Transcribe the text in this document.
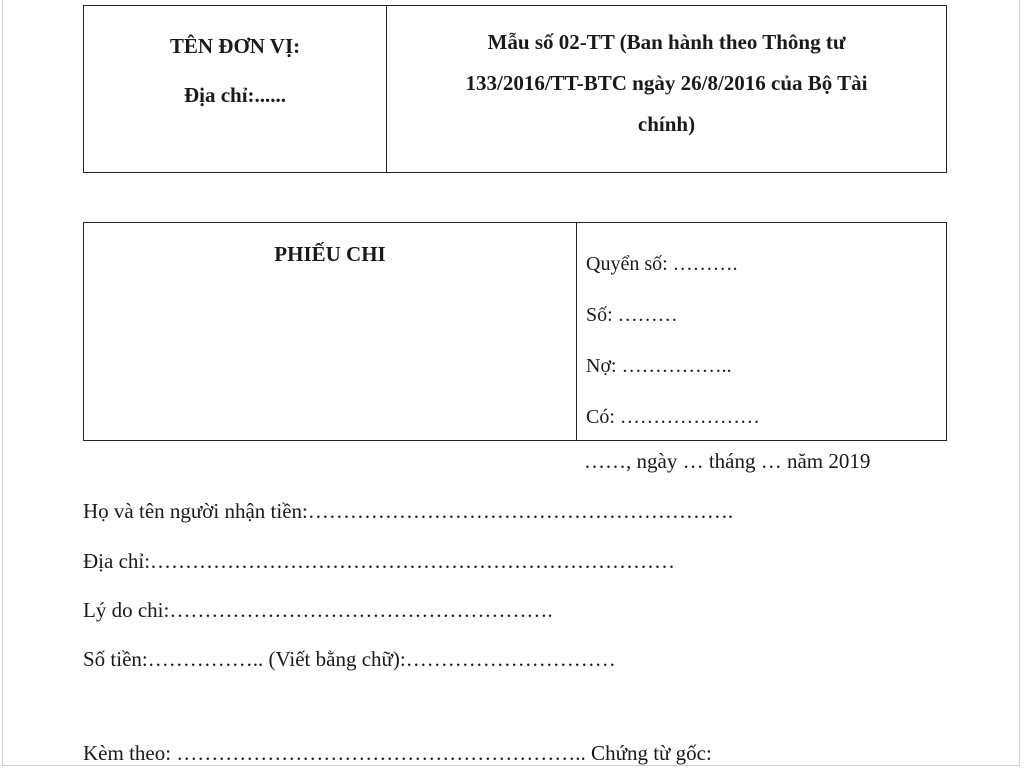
TÊN ĐƠN VỊ:
Địa chỉ:......
Mẫu số 02-TT (Ban hành theo Thông tư
133/2016/TT-BTC ngày 26/8/2016 của Bộ Tài
chính)
PHIẾU CHI	Quyển số: ……….
Số: ………
Nợ: ……………..
Có: …………………
……, ngày … tháng … năm 2019
Họ và tên người nhận tiền:…………………………………………………….
Địa chỉ:…………………………………………………………………
Lý do chi:……………………………………………….
Số tiền:…………….. (Viết bằng chữ):…………………………
Kèm theo: ………………………………………………….. Chứng từ gốc:
